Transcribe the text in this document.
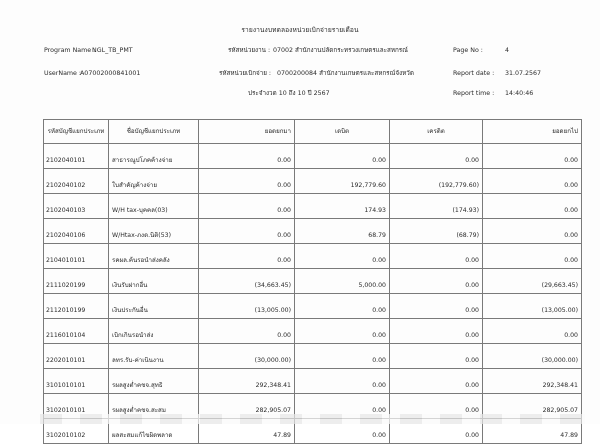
รายงานงบทดลองหน่วยเบิกจ่ายรายเดือน
Program Name :
NGL_TB_PMT
UserName :
A07002000841001
รหัสหน่วยงาน : 07002 สำนักงานปลัดกระทรวงเกษตรและสหกรณ์
รหัสหน่วยเบิกจ่าย : 0700200084 สำนักงานเกษตรและสหกรณ์จังหวัด
ประจำงวด 10 ถึง 10 ปี 2567
Page No :	4
Report date : 31.07.2567
Report time : 14:40:46
รหัสบัญชีแยกประเภท	ชื่อบัญชีแยกประเภท	ยอดยกมา	เดบิต	เครดิต	ยอดยกไป
2102040101	สาธารณูปโภคค้างจ่าย	0.00	0.00	0.00	0.00
2102040102	ใบสำคัญค้างจ่าย	0.00	192,779.60	(192,779.60)	0.00
2102040103	W/H tax-บุคคล(03)	0.00	174.93	(174.93)	0.00
2102040106	W/Htax-ภงด.นิติ(53)	0.00	68.79	(68.79)	0.00
2104010101	รคผล.ค้นรอนำส่งคลัง	0.00	0.00	0.00	0.00
2111020199	เงินรับฝากอื่น	(34,663.45)	5,000.00	0.00	(29,663.45)
2112010199	เงินประกันอื่น	(13,005.00)	0.00	0.00	(13,005.00)
2116010104	เบิกเกินรอนำส่ง	0.00	0.00	0.00	0.00
2202010101	ลทร.รับ-ค่าเนินงาน	(30,000.00)	0.00	0.00	(30,000.00)
3101010101	รผลสูงต่ำคชจ.สุทธิ	292,348.41	0.00	0.00	292,348.41
3102010101	รผลสูงต่ำคชจ.สะสม	282,905.07	0.00	0.00	282,905.07
3102010102	ผลสะสมแก้ไขผิดพลาด	47.89	0.00	0.00	47.89
